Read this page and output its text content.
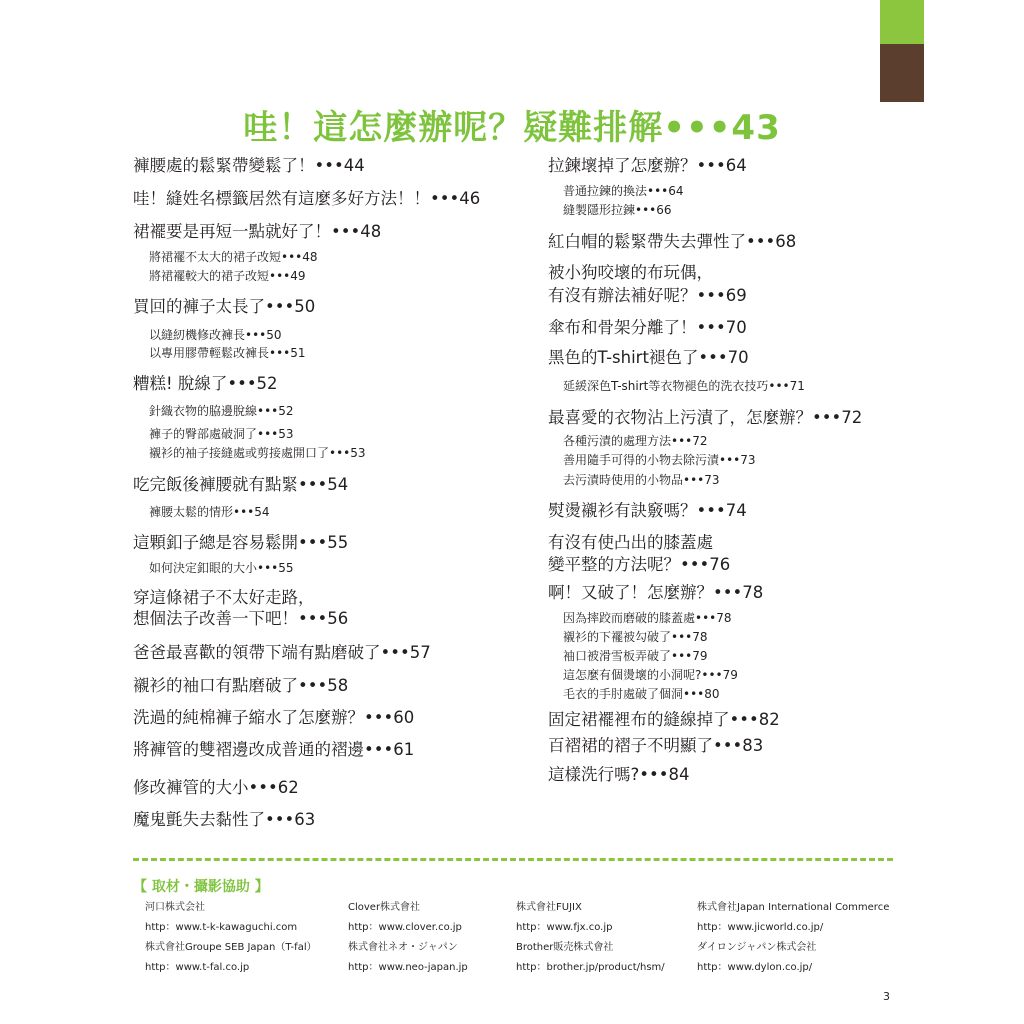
哇！這怎麼辦呢？疑難排解•••43
褲腰處的鬆緊帶變鬆了！•••44
哇！縫姓名標籤居然有這麼多好方法！！•••46
裙襬要是再短一點就好了！•••48
將裙襬不太大的裙子改短•••48
將裙襬較大的裙子改短•••49
買回的褲子太長了•••50
以縫紉機修改褲長•••50
以專用膠帶輕鬆改褲長•••51
糟糕! 脫線了•••52
針織衣物的脇邊脫線•••52
褲子的臀部處破洞了•••53
襯衫的袖子接縫處或剪接處開口了•••53
吃完飯後褲腰就有點緊•••54
褲腰太鬆的情形•••54
這顆釦子總是容易鬆開•••55
如何決定釦眼的大小•••55
穿這條裙子不太好走路，
想個法子改善一下吧！•••56
爸爸最喜歡的領帶下端有點磨破了•••57
襯衫的袖口有點磨破了•••58
洗過的純棉褲子縮水了怎麼辦？•••60
將褲管的雙褶邊改成普通的褶邊•••61
修改褲管的大小•••62
魔鬼氈失去黏性了•••63
拉鍊壞掉了怎麼辦？•••64
普通拉鍊的換法•••64
縫製隱形拉鍊•••66
紅白帽的鬆緊帶失去彈性了•••68
被小狗咬壞的布玩偶，
有沒有辦法補好呢？•••69
傘布和骨架分離了！•••70
黑色的T-shirt褪色了•••70
延緩深色T-shirt等衣物褪色的洗衣技巧•••71
最喜愛的衣物沾上污漬了，怎麼辦？•••72
各種污漬的處理方法•••72
善用隨手可得的小物去除污漬•••73
去污漬時使用的小物品•••73
熨燙襯衫有訣竅嗎？•••74
有沒有使凸出的膝蓋處
變平整的方法呢？•••76
啊！又破了！怎麼辦？•••78
因為摔跤而磨破的膝蓋處•••78
襯衫的下襬被勾破了•••78
袖口被滑雪板弄破了•••79
這怎麼有個燙壞的小洞呢?•••79
毛衣的手肘處破了個洞•••80
固定裙襬裡布的縫線掉了•••82
百褶裙的褶子不明顯了•••83
這樣洗行嗎?•••84
【 取材・攝影協助 】
河口株式会社
http：www.t-k-kawaguchi.com
Clover株式會社
http：www.clover.co.jp
株式會社FUJIX
http：www.fjx.co.jp
株式會社Japan International Commerce
http：www.jicworld.co.jp/
株式會社Groupe SEB Japan（T-fal）
http：www.t-fal.co.jp
株式會社ネオ・ジャパン
http：www.neo-japan.jp
Brother販売株式會社
http：brother.jp/product/hsm/
ダイロンジャパン株式会社
http：www.dylon.co.jp/
3
